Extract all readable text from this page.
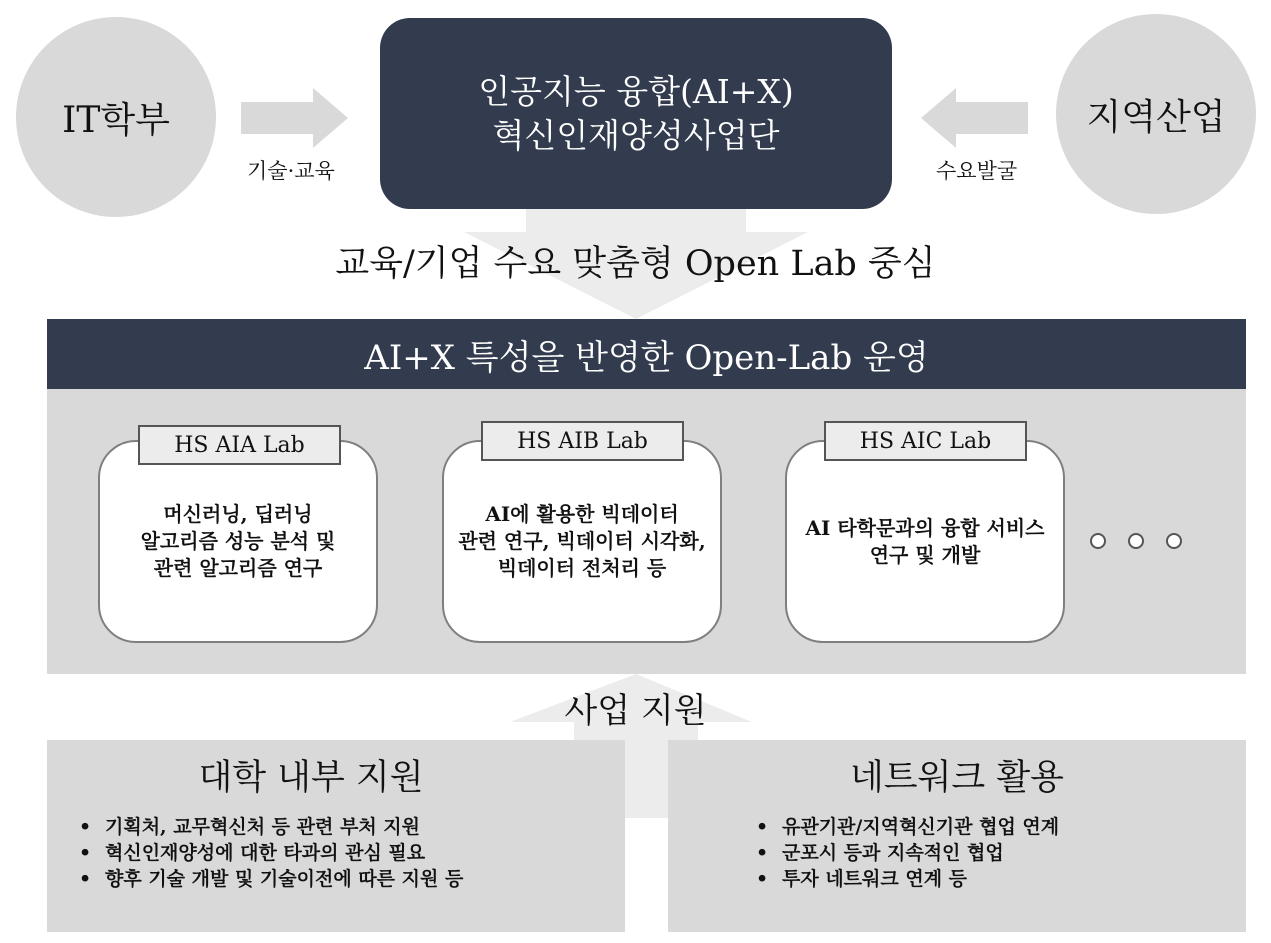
IT학부
기술·교육
지역산업
수요발굴
인공지능 융합(AI+X)
혁신인재양성사업단
교육/기업 수요 맞춤형 Open Lab 중심
AI+X 특성을 반영한 Open-Lab 운영
머신러닝, 딥러닝
알고리즘 성능 분석 및
관련 알고리즘 연구
HS AIA Lab
AI에 활용한 빅데이터
관련 연구, 빅데이터 시각화,
빅데이터 전처리 등
HS AIB Lab
AI 타학문과의 융합 서비스
연구 및 개발
HS AIC Lab
사업 지원
대학 내부 지원
• 기획처, 교무혁신처 등 관련 부처 지원
• 혁신인재양성에 대한 타과의 관심 필요
• 향후 기술 개발 및 기술이전에 따른 지원 등
네트워크 활용
• 유관기관/지역혁신기관 협업 연계
• 군포시 등과 지속적인 협업
• 투자 네트워크 연계 등
